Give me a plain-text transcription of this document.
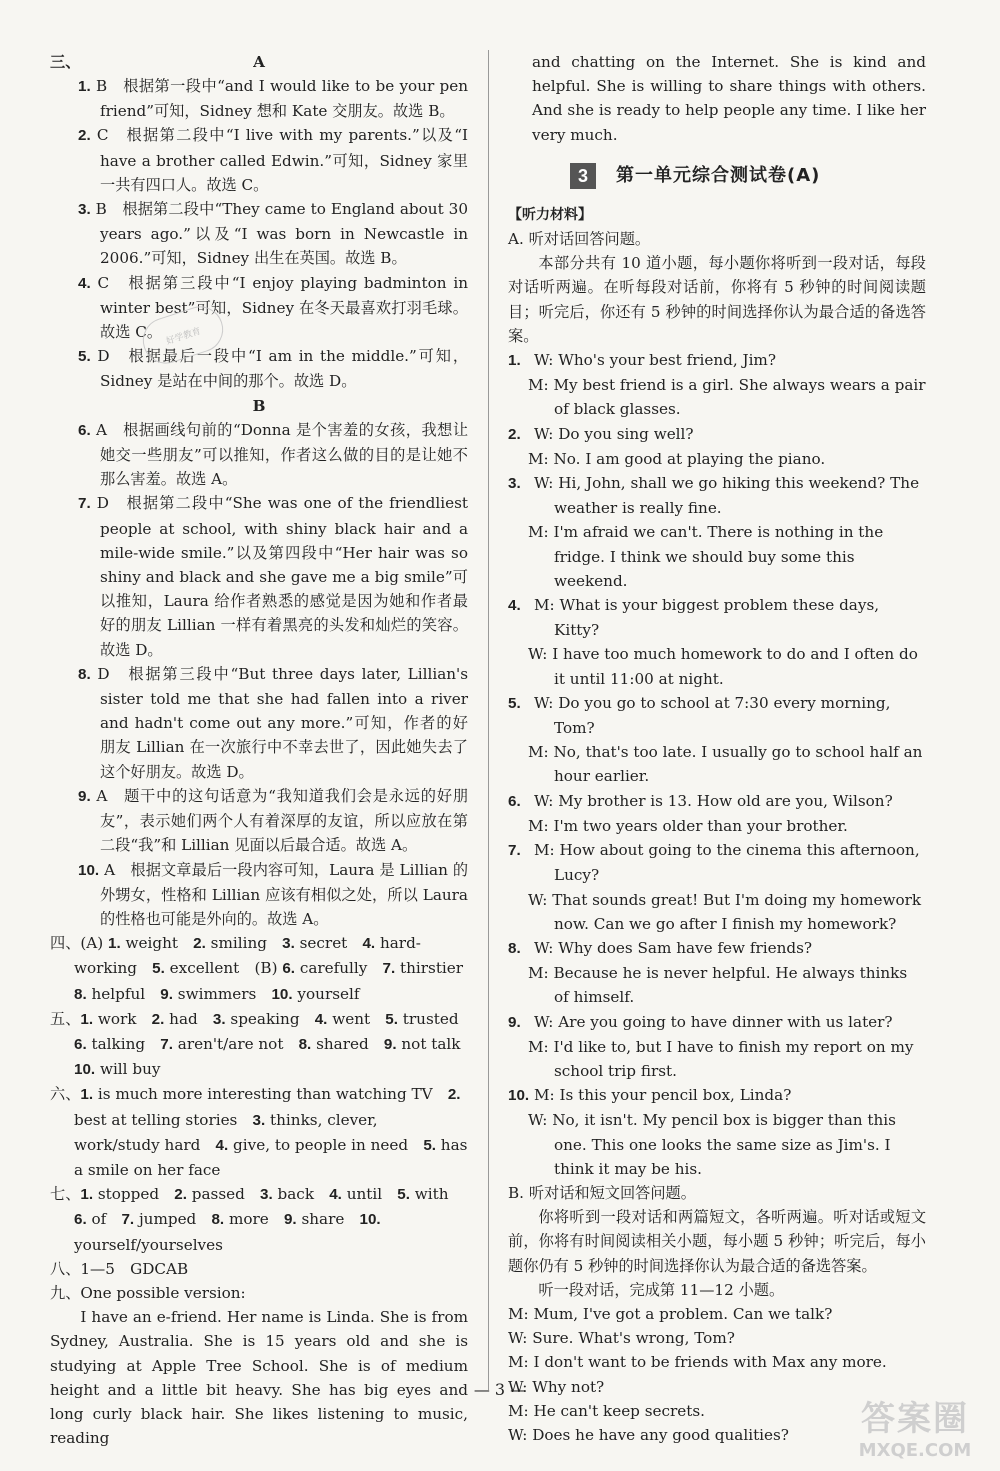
三、	A

1. B　根据第一段中“and I would like to be your pen friend”可知，Sidney 想和 Kate 交朋友。故选 B。

2. C　根据第二段中“I live with my parents.”以及“I have a brother called Edwin.”可知，Sidney 家里一共有四口人。故选 C。

3. B　根据第二段中“They came to England about 30 years ago.”以及“I was born in Newcastle in 2006.”可知，Sidney 出生在英国。故选 B。

4. C　根据第三段中“I enjoy playing badminton in winter best”可知，Sidney 在冬天最喜欢打羽毛球。故选 C。

5. D　根据最后一段中“I am in the middle.”可知，Sidney 是站在中间的那个。故选 D。

B

6. A　根据画线句前的“Donna 是个害羞的女孩，我想让她交一些朋友”可以推知，作者这么做的目的是让她不那么害羞。故选 A。

7. D　根据第二段中“She was one of the friendliest people at school, with shiny black hair and a mile-wide smile.”以及第四段中“Her hair was so shiny and black and she gave me a big smile”可以推知，Laura 给作者熟悉的感觉是因为她和作者最好的朋友 Lillian 一样有着黑亮的头发和灿烂的笑容。故选 D。

8. D　根据第三段中“But three days later, Lillian's sister told me that she had fallen into a river and hadn't come out any more.”可知，作者的好朋友 Lillian 在一次旅行中不幸去世了，因此她失去了这个好朋友。故选 D。

9. A　题干中的这句话意为“我知道我们会是永远的好朋友”，表示她们两个人有着深厚的友谊，所以应放在第二段“我”和 Lillian 见面以后最合适。故选 A。

10. A　根据文章最后一段内容可知，Laura 是 Lillian 的外甥女，性格和 Lillian 应该有相似之处，所以 Laura 的性格也可能是外向的。故选 A。

四、(A) 1. weight　2. smiling　3. secret　4. hard-working　5. excellent　(B) 6. carefully　7. thirstier　8. helpful　9. swimmers　10. yourself

五、1. work　2. had　3. speaking　4. went　5. trusted　6. talking　7. aren't/are not　8. shared　9. not talk　10. will buy

六、1. is much more interesting than watching TV　2. best at telling stories　3. thinks, clever, work/study hard　4. give, to people in need　5. has a smile on her face

七、1. stopped　2. passed　3. back　4. until　5. with　6. of　7. jumped　8. more　9. share　10. yourself/yourselves

八、1—5　GDCAB

九、One possible version:

I have an e-friend. Her name is Linda. She is from Sydney, Australia. She is 15 years old and she is studying at Apple Tree School. She is of medium height and a little bit heavy. She has big eyes and long curly black hair. She likes listening to music, reading

好学教育

and chatting on the Internet. She is kind and helpful. She is willing to share things with others. And she is ready to help people any time. I like her very much.

3	第一单元综合测试卷(A)

【听力材料】

A. 听对话回答问题。

本部分共有 10 道小题，每小题你将听到一段对话，每段对话听两遍。在听每段对话前，你将有 5 秒钟的时间阅读题目；听完后，你还有 5 秒钟的时间选择你认为最合适的备选答案。

1. W: Who's your best friend, Jim?

M: My best friend is a girl. She always wears a pair of black glasses.

2. W: Do you sing well?

M: No. I am good at playing the piano.

3. W: Hi, John, shall we go hiking this weekend? The weather is really fine.

M: I'm afraid we can't. There is nothing in the fridge. I think we should buy some this weekend.

4. M: What is your biggest problem these days, Kitty?

W: I have too much homework to do and I often do it until 11:00 at night.

5. W: Do you go to school at 7:30 every morning, Tom?

M: No, that's too late. I usually go to school half an hour earlier.

6. W: My brother is 13. How old are you, Wilson?

M: I'm two years older than your brother.

7. M: How about going to the cinema this afternoon, Lucy?

W: That sounds great! But I'm doing my homework now. Can we go after I finish my homework?

8. W: Why does Sam have few friends?

M: Because he is never helpful. He always thinks of himself.

9. W: Are you going to have dinner with us later?

M: I'd like to, but I have to finish my report on my school trip first.

10. M: Is this your pencil box, Linda?

W: No, it isn't. My pencil box is bigger than this one. This one looks the same size as Jim's. I think it may be his.

B. 听对话和短文回答问题。

你将听到一段对话和两篇短文，各听两遍。听对话或短文前，你将有时间阅读相关小题，每小题 5 秒钟；听完后，每小题你仍有 5 秒钟的时间选择你认为最合适的备选答案。

听一段对话，完成第 11—12 小题。

M: Mum, I've got a problem. Can we talk?

W: Sure. What's wrong, Tom?

M: I don't want to be friends with Max any more.

W: Why not?

M: He can't keep secrets.

W: Does he have any good qualities?

— 3 —
答案圈
MXQE.COM
